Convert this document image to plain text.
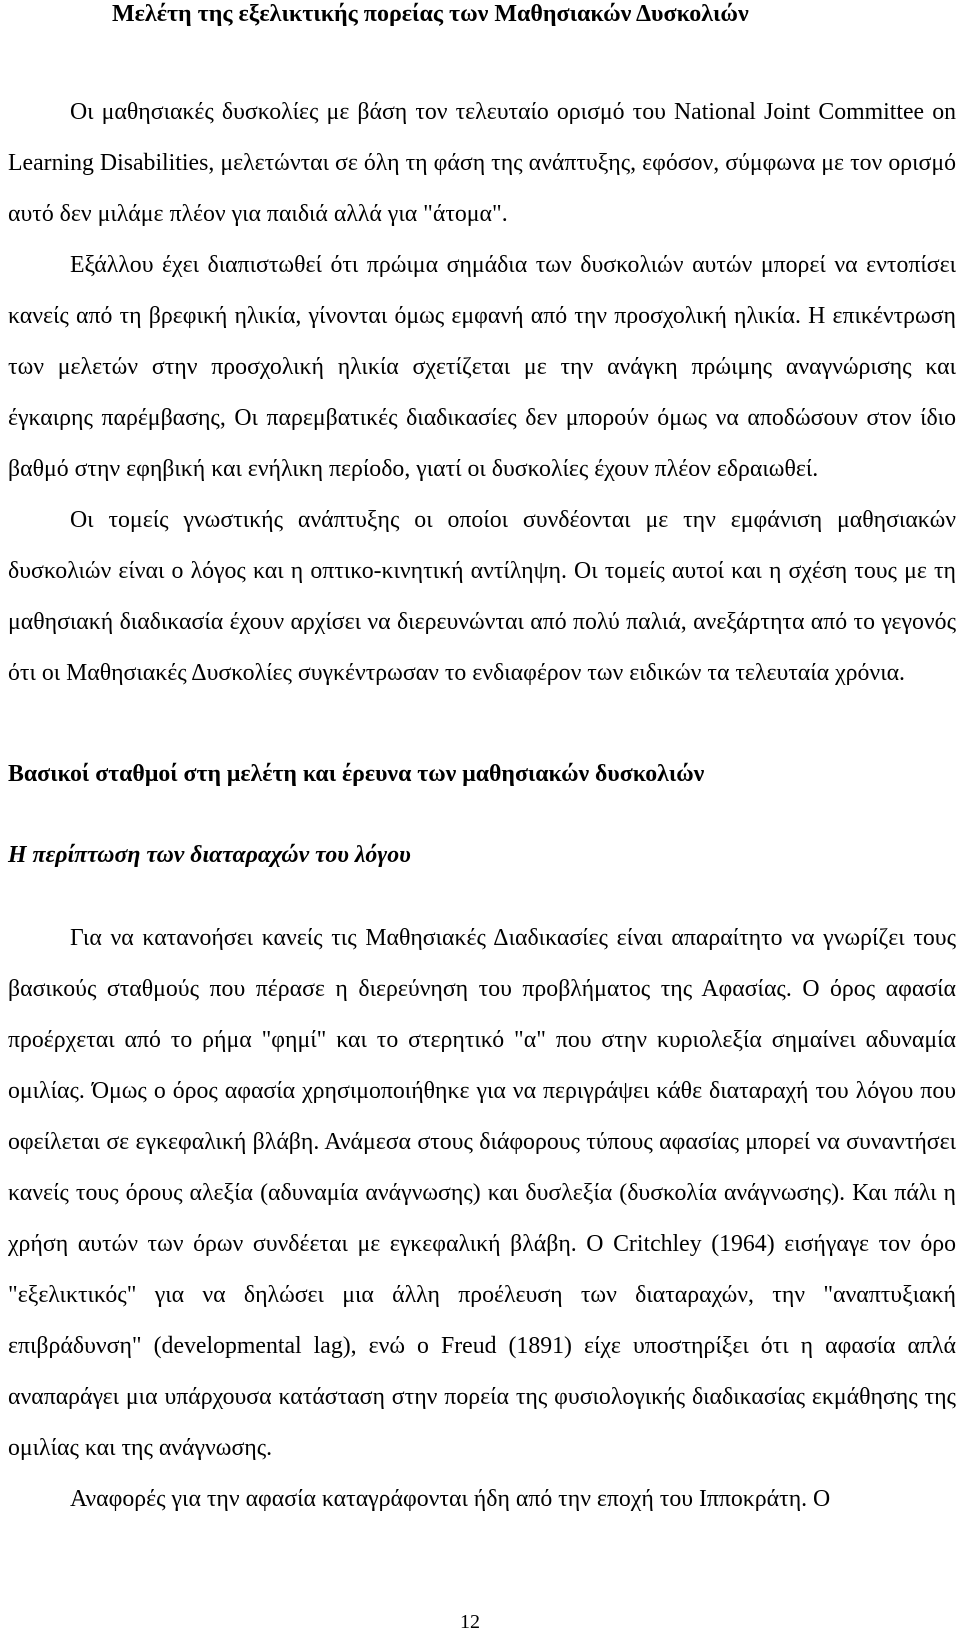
Μελέτη της εξελικτικής πορείας των Μαθησιακών Δυσκολιών

Οι μαθησιακές δυσκολίες με βάση τον τελευταίο ορισμό του National Joint Committee on Learning Disabilities, μελετώνται σε όλη τη φάση της ανάπτυξης, εφόσον, σύμφωνα με τον ορισμό αυτό δεν μιλάμε πλέον για παιδιά αλλά για "άτομα".

Εξάλλου έχει διαπιστωθεί ότι πρώιμα σημάδια των δυσκολιών αυτών μπορεί να εντοπίσει κανείς από τη βρεφική ηλικία, γίνονται όμως εμφανή από την προσχολική ηλικία. Η επικέντρωση των μελετών στην προσχολική ηλικία σχετίζεται με την ανάγκη πρώιμης αναγνώρισης και έγκαιρης παρέμβασης, Οι παρεμβατικές διαδικασίες δεν μπορούν όμως να αποδώσουν στον ίδιο βαθμό στην εφηβική και ενήλικη περίοδο, γιατί οι δυσκολίες έχουν πλέον εδραιωθεί.

Οι τομείς γνωστικής ανάπτυξης οι οποίοι συνδέονται με την εμφάνιση μαθησιακών δυσκολιών είναι ο λόγος και η οπτικο-κινητική αντίληψη. Οι τομείς αυτοί και η σχέση τους με τη μαθησιακή διαδικασία έχουν αρχίσει να διερευνώνται από πολύ παλιά, ανεξάρτητα από το γεγονός ότι οι Μαθησιακές Δυσκολίες συγκέντρωσαν το ενδιαφέρον των ειδικών τα τελευταία χρόνια.

Βασικοί σταθμοί στη μελέτη και έρευνα των μαθησιακών δυσκολιών
Η περίπτωση των διαταραχών του λόγου

Για να κατανοήσει κανείς τις Μαθησιακές Διαδικασίες είναι απαραίτητο να γνωρίζει τους βασικούς σταθμούς που πέρασε η διερεύνηση του προβλήματος της Αφασίας. Ο όρος αφασία προέρχεται από το ρήμα "φημί" και το στερητικό "α" που στην κυριολεξία σημαίνει αδυναμία ομιλίας. Όμως ο όρος αφασία χρησιμοποιήθηκε για να περιγράψει κάθε διαταραχή του λόγου που οφείλεται σε εγκεφαλική βλάβη. Ανάμεσα στους διάφορους τύπους αφασίας μπορεί να συναντήσει κανείς τους όρους αλεξία (αδυναμία ανάγνωσης) και δυσλεξία (δυσκολία ανάγνωσης). Και πάλι η χρήση αυτών των όρων συνδέεται με εγκεφαλική βλάβη. Ο Critchley (1964) εισήγαγε τον όρο "εξελικτικός" για να δηλώσει μια άλλη προέλευση των διαταραχών, την "αναπτυξιακή επιβράδυνση" (developmental lag), ενώ ο Freud (1891) είχε υποστηρίξει ότι η αφασία απλά αναπαράγει μια υπάρχουσα κατάσταση στην πορεία της φυσιολογικής διαδικασίας εκμάθησης της ομιλίας και της ανάγνωσης.

Αναφορές για την αφασία καταγράφονται ήδη από την εποχή του Ιπποκράτη. Ο

12
